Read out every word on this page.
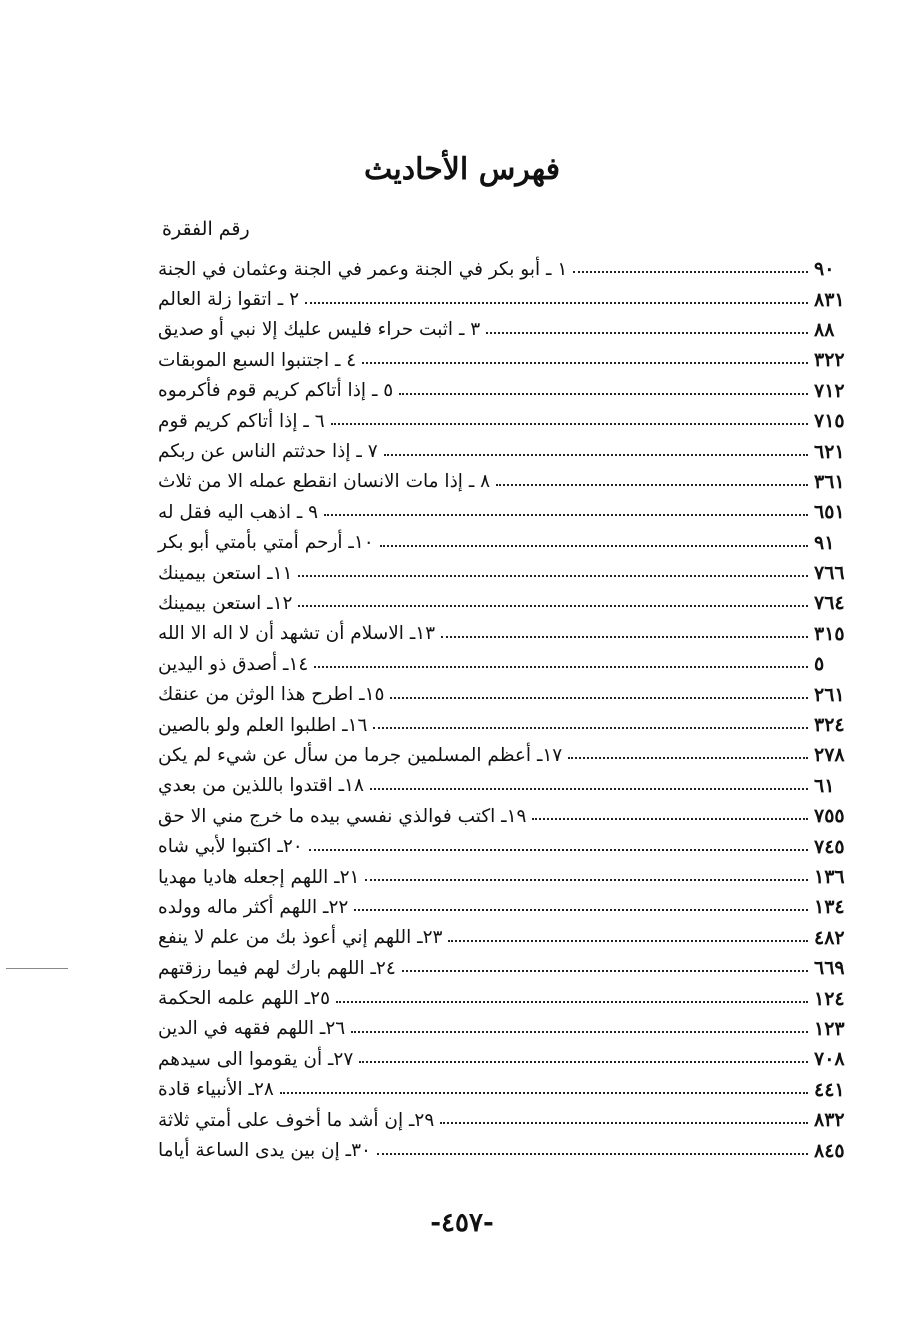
فهرس الأحاديث
رقم الفقرة
١ ـ أبو بكر في الجنة وعمر في الجنة وعثمان في الجنة	٩٠
٢ ـ اتقوا زلة العالم	٨٣١
٣ ـ اثبت حراء فليس عليك إلا نبي أو صديق	٨٨
٤ ـ اجتنبوا السبع الموبقات	٣٢٢
٥ ـ إذا أتاكم كريم قوم فأكرموه	٧١٢
٦ ـ إذا أتاكم كريم قوم	٧١٥
٧ ـ إذا حدثتم الناس عن ربكم	٦٢١
٨ ـ إذا مات الانسان انقطع عمله الا من ثلاث	٣٦١
٩ ـ اذهب اليه فقل له	٦٥١
١٠ـ أرحم أمتي بأمتي أبو بكر	٩١
١١ـ استعن بيمينك	٧٦٦
١٢ـ استعن بيمينك	٧٦٤
١٣ـ الاسلام أن تشهد أن لا اله الا الله	٣١٥
١٤ـ أصدق ذو اليدين	٥
١٥ـ اطرح هذا الوثن من عنقك	٢٦١
١٦ـ اطلبوا العلم ولو بالصين	٣٢٤
١٧ـ أعظم المسلمين جرما من سأل عن شيء لم يكن	٢٧٨
١٨ـ اقتدوا باللذين من بعدي	٦١
١٩ـ اكتب فوالذي نفسي بيده ما خرج مني الا حق	٧٥٥
٢٠ـ اكتبوا لأبي شاه	٧٤٥
٢١ـ اللهم إجعله هاديا مهديا	١٣٦
٢٢ـ اللهم أكثر ماله وولده	١٣٤
٢٣ـ اللهم إني أعوذ بك من علم لا ينفع	٤٨٢
٢٤ـ اللهم بارك لهم فيما رزقتهم	٦٦٩
٢٥ـ اللهم علمه الحكمة	١٢٤
٢٦ـ اللهم فقهه في الدين	١٢٣
٢٧ـ أن يقوموا الى سيدهم	٧٠٨
٢٨ـ الأنبياء قادة	٤٤١
٢٩ـ إن أشد ما أخوف على أمتي ثلاثة	٨٣٢
٣٠ـ إن بين يدى الساعة أياما	٨٤٥
-٤٥٧-
